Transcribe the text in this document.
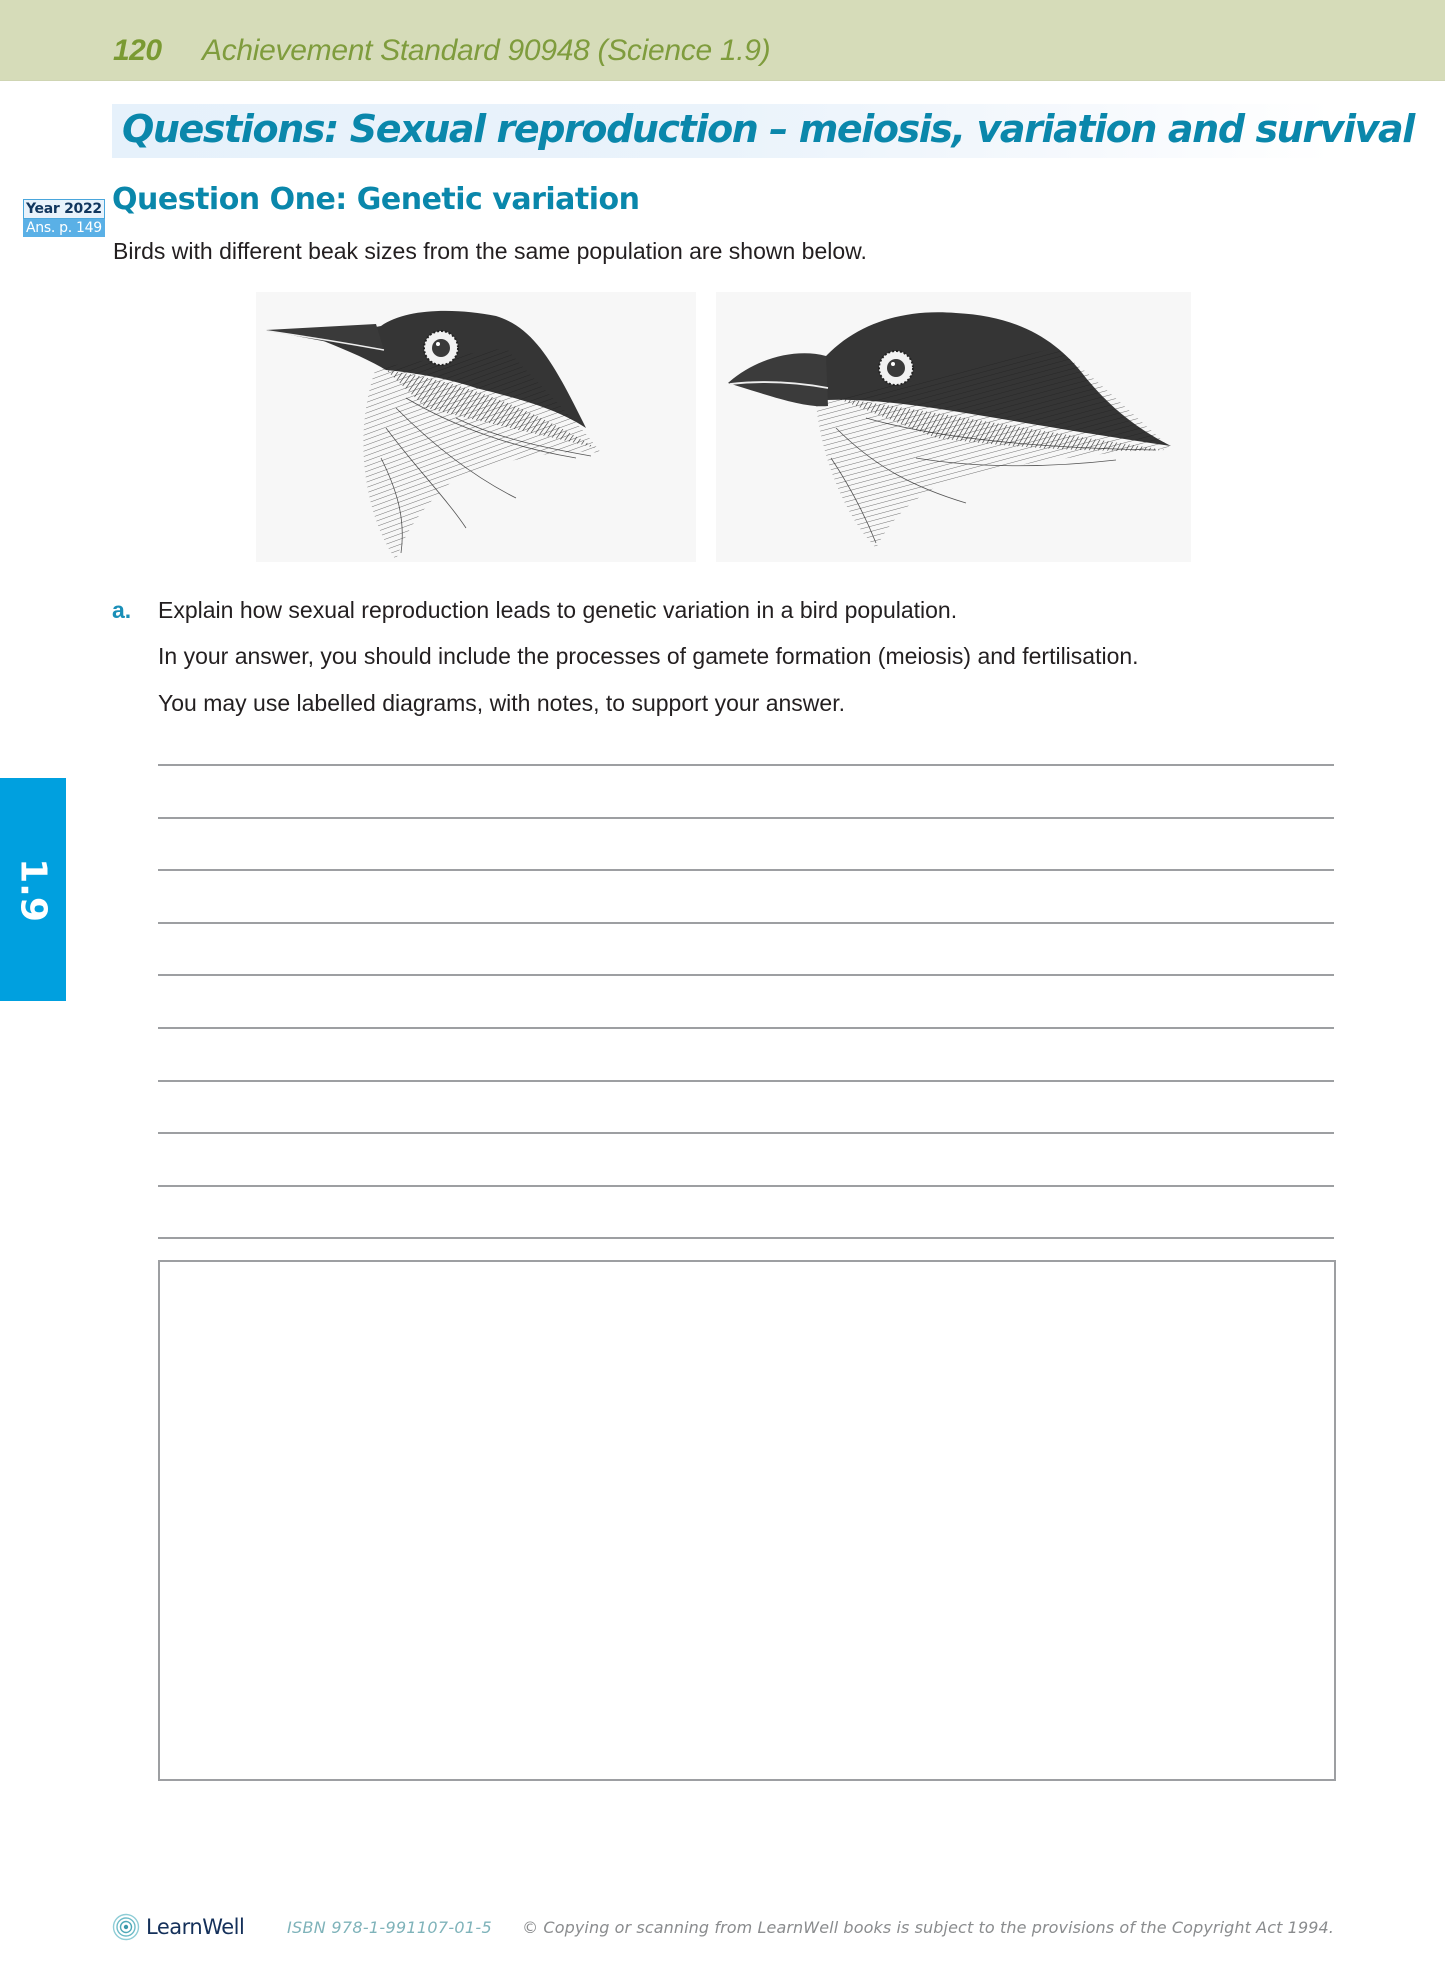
120 Achievement Standard 90948 (Science 1.9)
Questions: Sexual reproduction – meiosis, variation and survival
Year 2022
Ans. p. 149
Question One: Genetic variation
Birds with different beak sizes from the same population are shown below.
a. Explain how sexual reproduction leads to genetic variation in a bird population.
In your answer, you should include the processes of gamete formation (meiosis) and fertilisation.
You may use labelled diagrams, with notes, to support your answer.
1.9
LearnWell	ISBN 978-1-991107-01-5 © Copying or scanning from LearnWell books is subject to the provisions of the Copyright Act 1994.
